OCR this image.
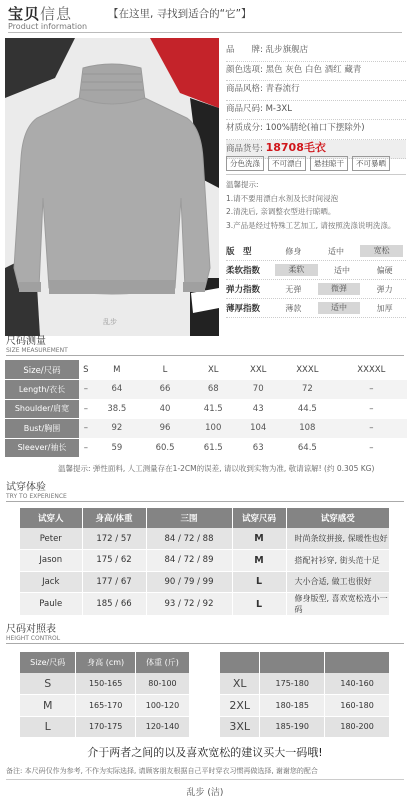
宝贝信息	【在这里, 寻找到适合的“它”】
Product information
乱步
品　　牌: 乱步旗舰店
颜色选项: 黑色 灰色 白色 酒红 藏青
商品风格: 青春流行
商品尺码: M-3XL
材质成分: 100%腈纶(袖口下摆除外)
商品货号: 18708毛衣
分色洗涤	不可漂白	悬挂晾干	不可暴晒
温馨提示:
1.请不要用漂白水剂及长时间浸泡
2.清洗后, 亲调整衣型进行晾晒。
3.产品是经过特殊工艺加工, 请按照洗涤说明洗涤。
版　型	修身	适中	宽松
柔软指数	柔软	适中	偏硬
弹力指数	无弹	微弹	弹力
薄厚指数	薄款	适中	加厚
尺码测量
SIZE MEASUREMENT
Size/尺码	S	M	L	XL	XXL	XXXL	XXXXL
Length/衣长	–	64	66	68	70	72	–
Shoulder/肩宽	–	38.5	40	41.5	43	44.5	–
Bust/胸围	–	92	96	100	104	108	–
Sleever/袖长	–	59	60.5	61.5	63	64.5	–
温馨提示: 弹性面料, 人工测量存在1-2CM的误差, 请以收到实物为准, 敬请谅解! (约 0.305 KG)
试穿体验
TRY TO EXPERIENCE
试穿人	身高/体重	三围	试穿尺码	试穿感受
Peter	172 / 57	84 / 72 / 88	M	时尚条纹拼接, 保暖性也好
Jason	175 / 62	84 / 72 / 89	M	搭配衬衫穿, 街头范十足
Jack	177 / 67	90 / 79 / 99	L	大小合适, 做工也很好
Paule	185 / 66	93 / 72 / 92	L	修身版型, 喜欢宽松选小一码
尺码对照表
HEIGHT CONTROL
Size/尺码	身高 (cm)	体重 (斤)
S	150-165	80-100
M	165-170	100-120
L	170-175	120-140

XL	175-180	140-160
2XL	180-185	160-180
3XL	185-190	180-200
介于两者之间的以及喜欢宽松的建议买大一码哦!
备注: 本尺码仅作为参考, 不作为实际选择, 请顾客朋友根据自己平时穿衣习惯再做选择, 谢谢您的配合
乱步 (洁)
